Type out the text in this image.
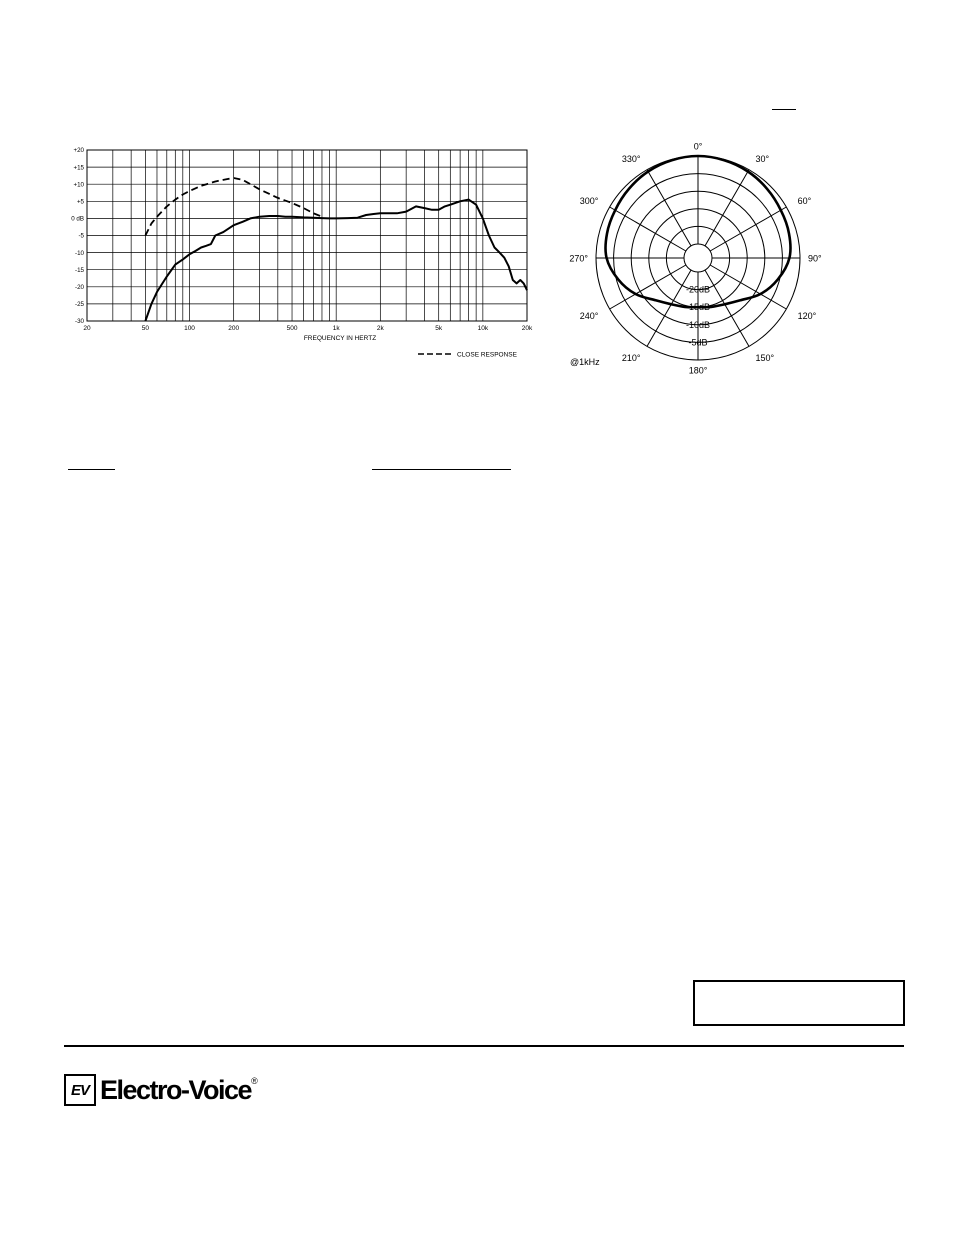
+20
+15
+10
+5
0 dB
-5
-10
-15
-20
-25
-30
20	50	100	200	500	1k	2k	5k	10k	20k
FREQUENCY IN HERTZ
CLOSE RESPONSE
0°
30°
60°
90°
120°
150°
180°
210°
240°
270°
300°
330°
-20dB
-15dB
-10dB
-5dB
@1kHz
EV Electro-Voice ®
